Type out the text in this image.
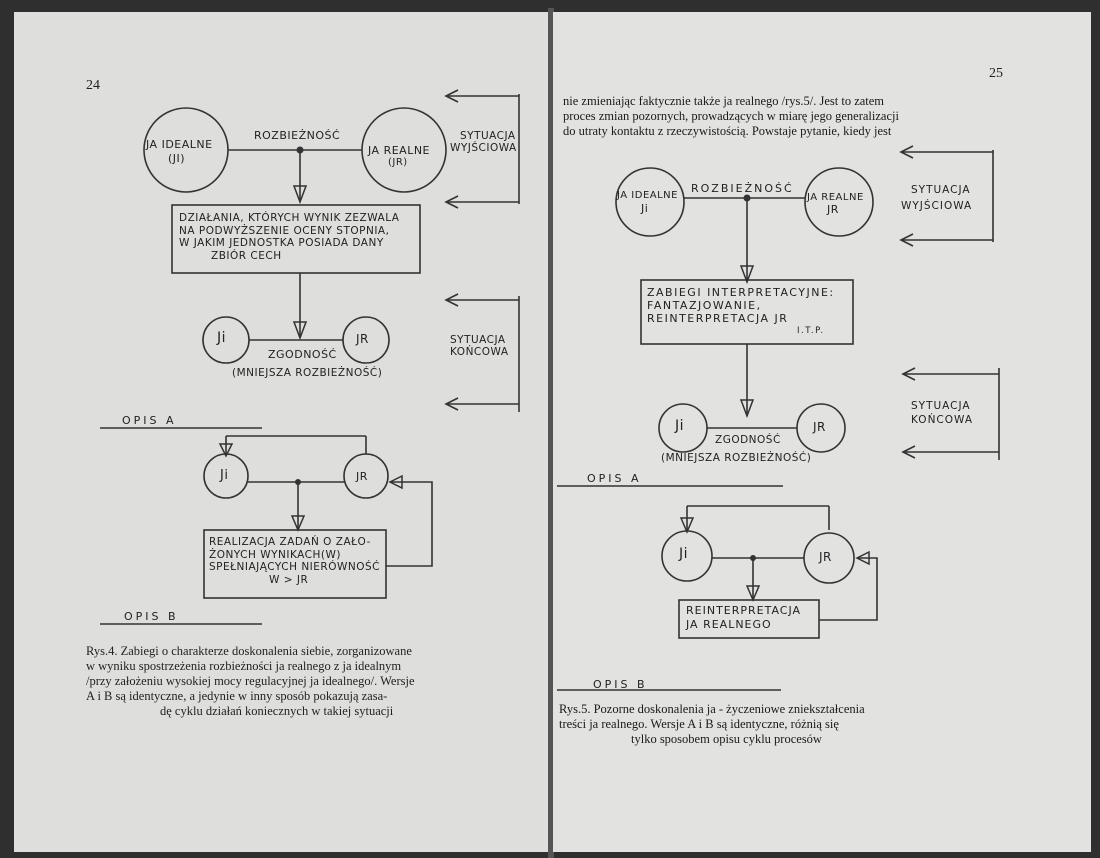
24
JA IDEALNE
(JI)
ROZBIEŻNOŚĆ
JA REALNE
(JR)
SYTUACJA
WYJŚCIOWA
DZIAŁANIA, KTÓRYCH WYNIK ZEZWALA
NA PODWYŻSZENIE OCENY STOPNIA,
W JAKIM JEDNOSTKA POSIADA DANY
ZBIÓR CECH
Ji	JR
ZGODNOŚĆ
(MNIEJSZA ROZBIEŻNOŚĆ)
SYTUACJA
KOŃCOWA
OPIS A
Ji	JR
REALIZACJA ZADAŃ O ZAŁO-
ŻONYCH WYNIKACH(W)
SPEŁNIAJĄCYCH NIERÓWNOŚĆ
W > JR
OPIS B
Rys.4. Zabiegi o charakterze doskonalenia siebie, zorganizowane
w wyniku spostrzeżenia rozbieżności ja realnego z ja idealnym
/przy założeniu wysokiej mocy regulacyjnej ja idealnego/. Wersje
A i B są identyczne, a jedynie w inny sposób pokazują zasa-
dę cyklu działań koniecznych w takiej sytuacji
25
nie zmieniając faktycznie także ja realnego /rys.5/. Jest to zatem
proces zmian pozornych, prowadzących w miarę jego generalizacji
do utraty kontaktu z rzeczywistością. Powstaje pytanie, kiedy jest
JA IDEALNE
Ji
ROZBIEŻNOŚĆ
JA REALNE
JR
SYTUACJA
WYJŚCIOWA
ZABIEGI INTERPRETACYJNE:
FANTAZJOWANIE,
REINTERPRETACJA JR
I.T.P.
Ji	JR
ZGODNOŚĆ
(MNIEJSZA ROZBIEŻNOŚĆ)
SYTUACJA
KOŃCOWA
OPIS A
Ji	JR
REINTERPRETACJA
JA REALNEGO
OPIS B
Rys.5. Pozorne doskonalenia ja - życzeniowe zniekształcenia
treści ja realnego. Wersje A i B są identyczne, różnią się
tylko sposobem opisu cyklu procesów
